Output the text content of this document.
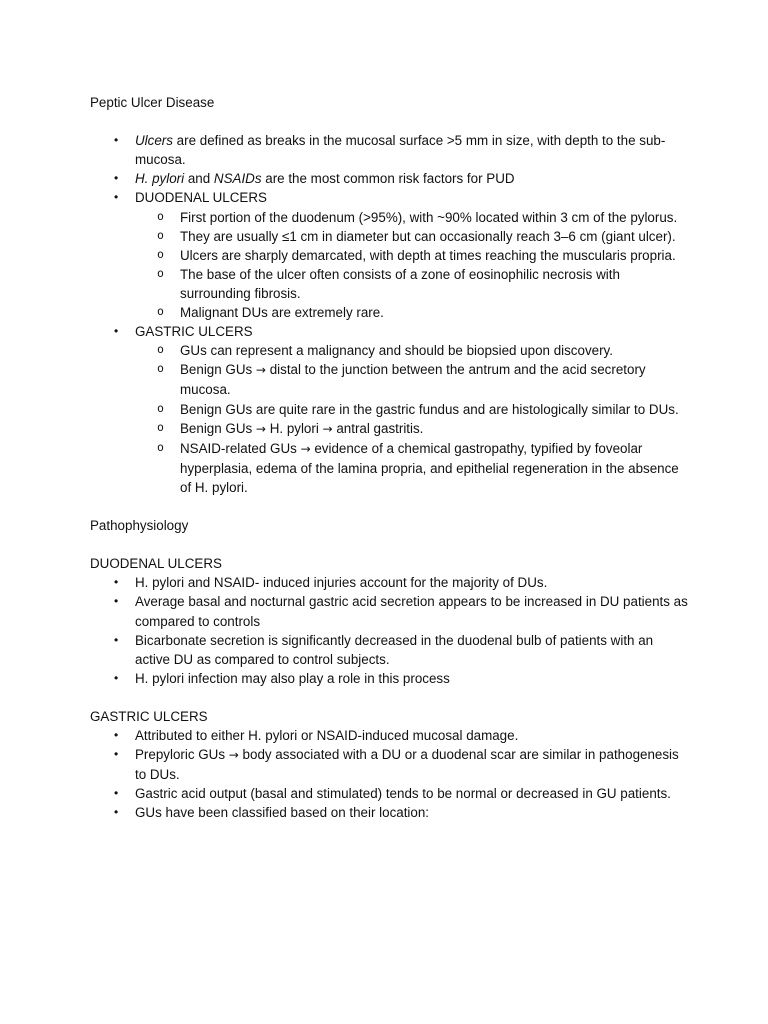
Peptic Ulcer Disease

• Ulcers are defined as breaks in the mucosal surface >5 mm in size, with depth to the sub- mucosa.
• H. pylori and NSAIDs are the most common risk factors for PUD
• DUODENAL ULCERS
o First portion of the duodenum (>95%), with ~90% located within 3 cm of the pylorus.
o They are usually ≤1 cm in diameter but can occasionally reach 3–6 cm (giant ulcer).
o Ulcers are sharply demarcated, with depth at times reaching the muscularis propria.
o The base of the ulcer often consists of a zone of eosinophilic necrosis with surrounding fibrosis.
o Malignant DUs are extremely rare.
• GASTRIC ULCERS
o GUs can represent a malignancy and should be biopsied upon discovery.
o Benign GUs → distal to the junction between the antrum and the acid secretory mucosa.
o Benign GUs are quite rare in the gastric fundus and are histologically similar to DUs.
o Benign GUs → H. pylori → antral gastritis.
o NSAID-related GUs → evidence of a chemical gastropathy, typified by foveolar hyperplasia, edema of the lamina propria, and epithelial regeneration in the absence of H. pylori.

Pathophysiology

DUODENAL ULCERS

• H. pylori and NSAID- induced injuries account for the majority of DUs.
• Average basal and nocturnal gastric acid secretion appears to be increased in DU patients as compared to controls
• Bicarbonate secretion is significantly decreased in the duodenal bulb of patients with an active DU as compared to control subjects.
• H. pylori infection may also play a role in this process

GASTRIC ULCERS

• Attributed to either H. pylori or NSAID-induced mucosal damage.
• Prepyloric GUs → body associated with a DU or a duodenal scar are similar in pathogenesis to DUs.
• Gastric acid output (basal and stimulated) tends to be normal or decreased in GU patients.
• GUs have been classified based on their location:
